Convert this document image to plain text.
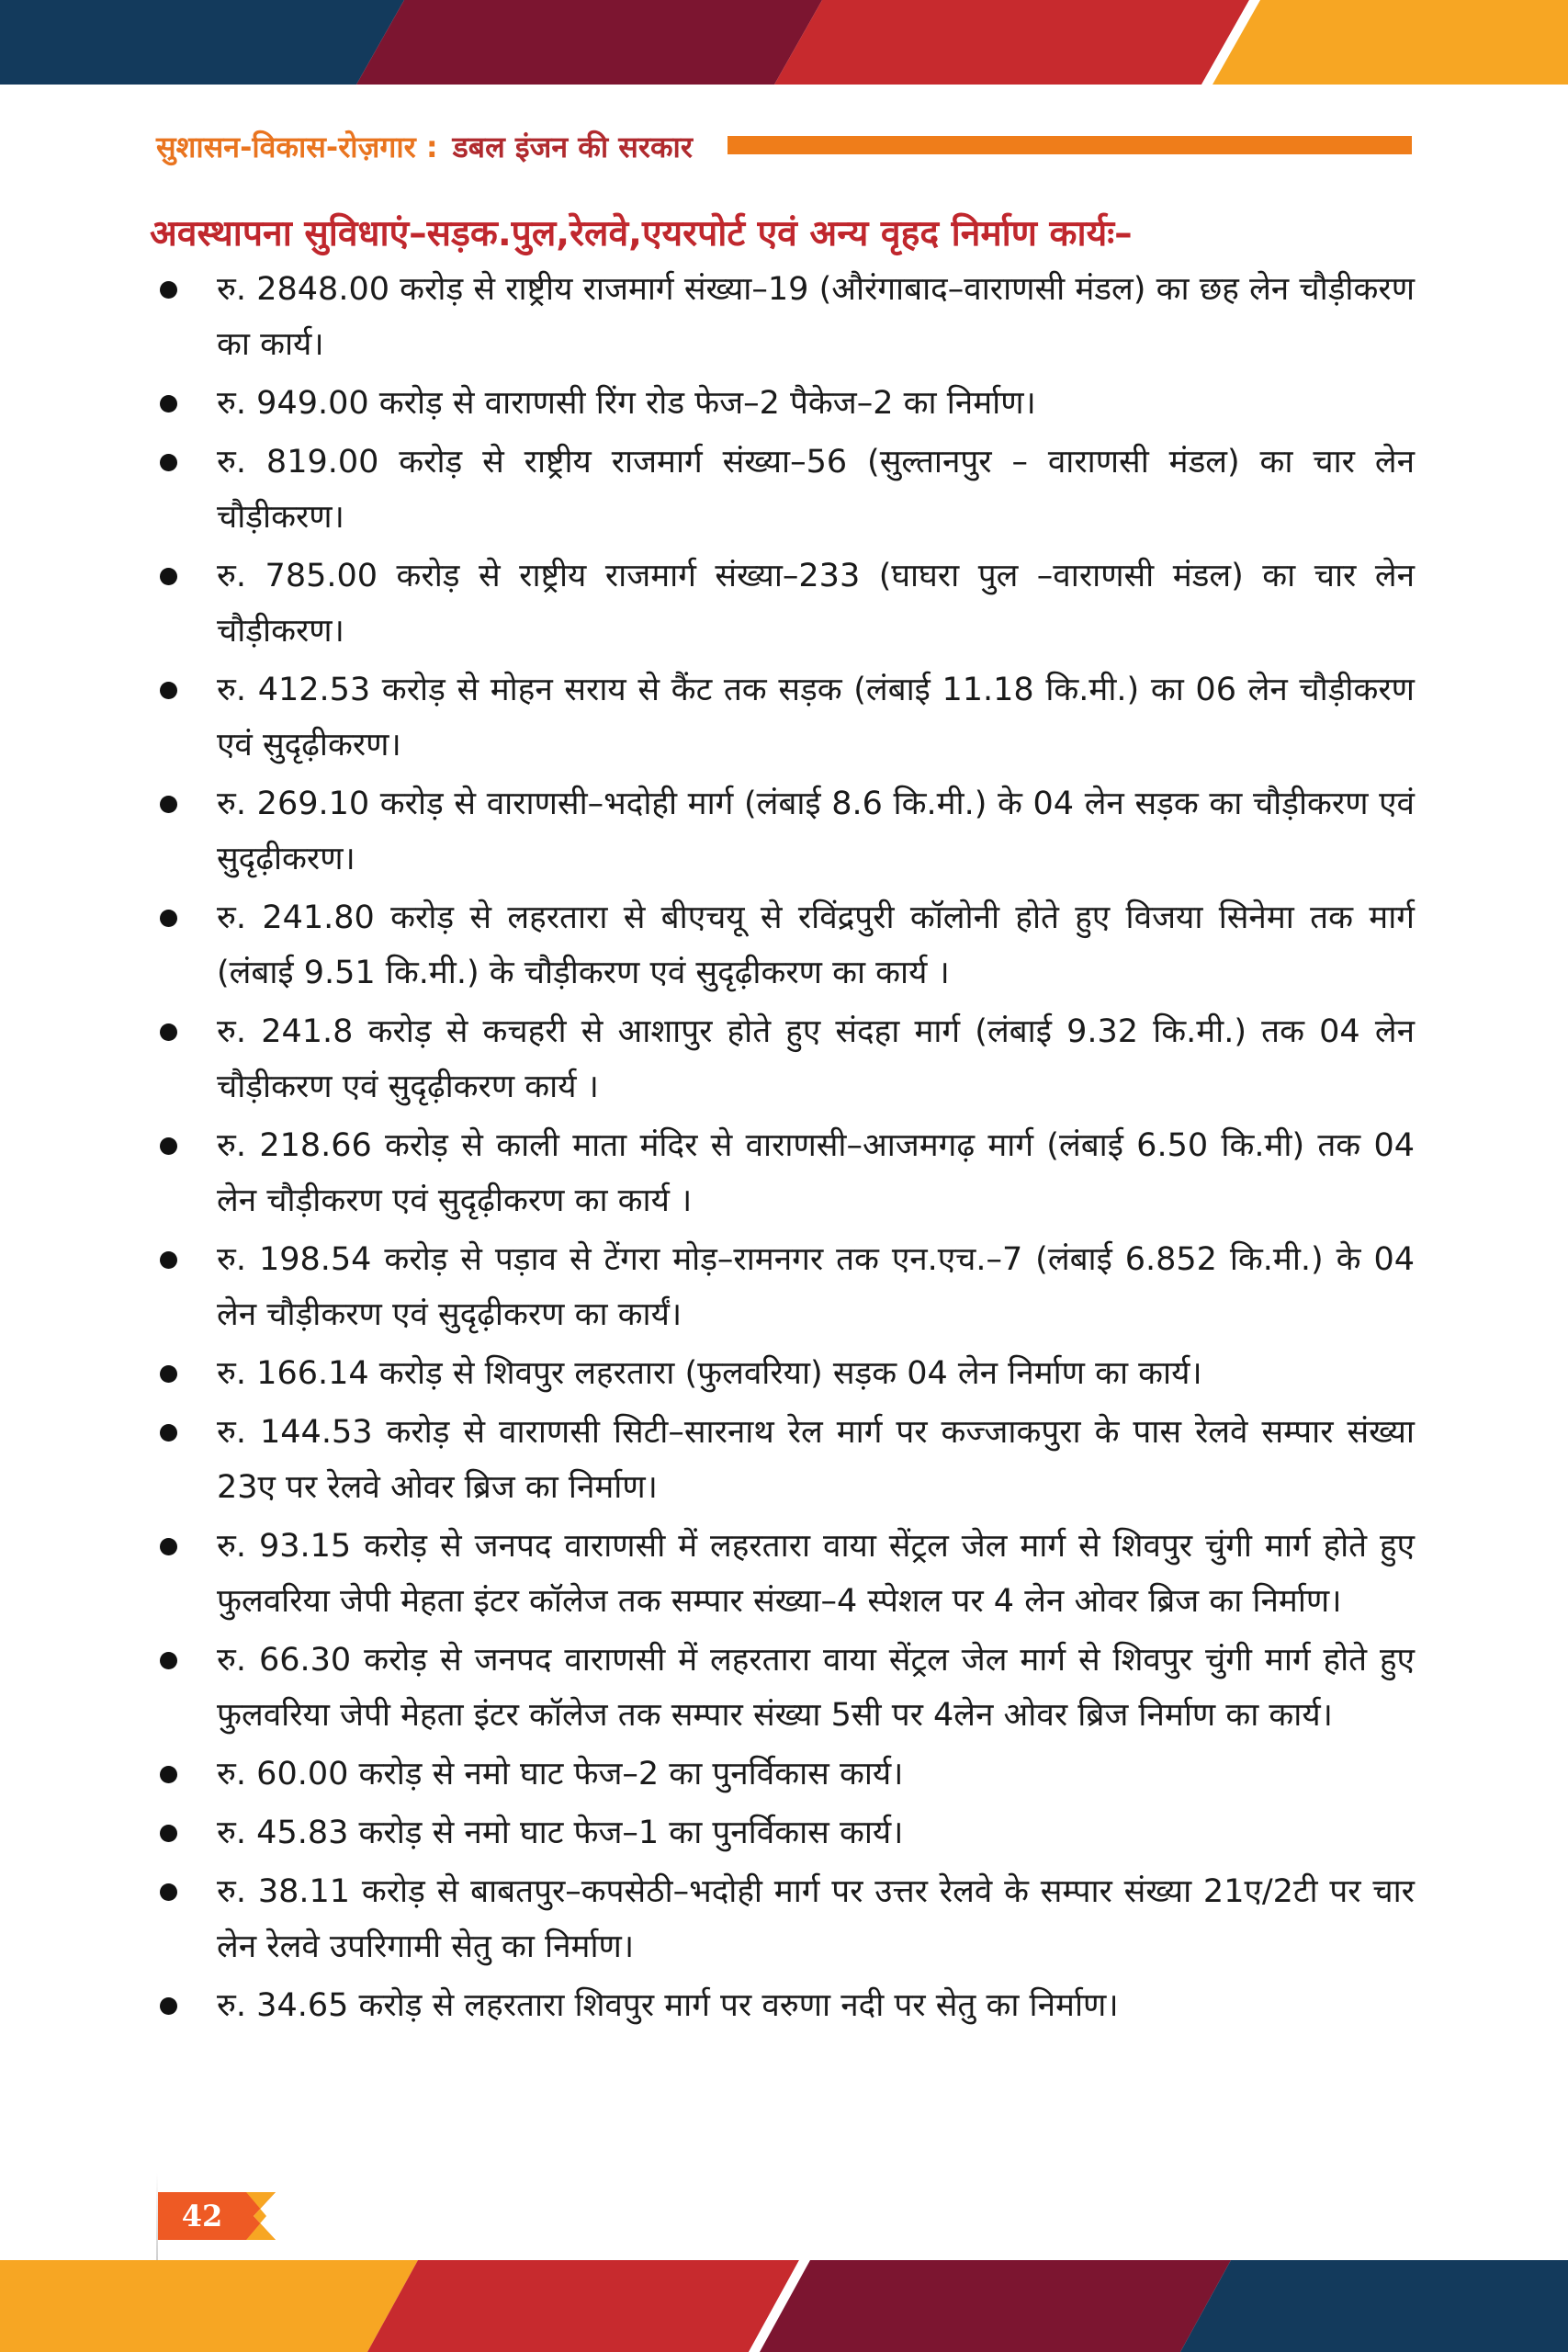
सुशासन-विकास-रोज़गार : डबल इंजन की सरकार
अवस्थापना सुविधाएं–सड़क.पुल,रेलवे,एयरपोर्ट एवं अन्य वृहद निर्माण कार्यः–
रु. 2848.00 करोड़ से राष्ट्रीय राजमार्ग संख्या–19 (औरंगाबाद–वाराणसी मंडल) का छह लेन चौड़ीकरण का कार्य।
रु. 949.00 करोड़ से वाराणसी रिंग रोड फेज–2 पैकेज–2 का निर्माण।
रु. 819.00 करोड़ से राष्ट्रीय राजमार्ग संख्या–56 (सुल्तानपुर – वाराणसी मंडल) का चार लेन चौड़ीकरण।
रु. 785.00 करोड़ से राष्ट्रीय राजमार्ग संख्या–233 (घाघरा पुल –वाराणसी मंडल) का चार लेन चौड़ीकरण।
रु. 412.53 करोड़ से मोहन सराय से कैंट तक सड़क (लंबाई 11.18 कि.मी.) का 06 लेन चौड़ीकरण एवं सुदृढ़ीकरण।
रु. 269.10 करोड़ से वाराणसी–भदोही मार्ग (लंबाई 8.6 कि.मी.) के 04 लेन सड़क का चौड़ीकरण एवं सुदृढ़ीकरण।
रु. 241.80 करोड़ से लहरतारा से बीएचयू से रविंद्रपुरी कॉलोनी होते हुए विजया सिनेमा तक मार्ग (लंबाई 9.51 कि.मी.) के चौड़ीकरण एवं सुदृढ़ीकरण का कार्य ।
रु. 241.8 करोड़ से कचहरी से आशापुर होते हुए संदहा मार्ग (लंबाई 9.32 कि.मी.) तक 04 लेन चौड़ीकरण एवं सुदृढ़ीकरण कार्य ।
रु. 218.66 करोड़ से काली माता मंदिर से वाराणसी–आजमगढ़ मार्ग (लंबाई 6.50 कि.मी) तक 04 लेन चौड़ीकरण एवं सुदृढ़ीकरण का कार्य ।
रु. 198.54 करोड़ से पड़ाव से टेंगरा मोड़–रामनगर तक एन.एच.–7 (लंबाई 6.852 कि.मी.) के 04 लेन चौड़ीकरण एवं सुदृढ़ीकरण का कार्यं।
रु. 166.14 करोड़ से शिवपुर लहरतारा (फुलवरिया) सड़क 04 लेन निर्माण का कार्य।
रु. 144.53 करोड़ से वाराणसी सिटी–सारनाथ रेल मार्ग पर कज्जाकपुरा के पास रेलवे सम्पार संख्या 23ए पर रेलवे ओवर ब्रिज का निर्माण।
रु. 93.15 करोड़ से जनपद वाराणसी में लहरतारा वाया सेंट्रल जेल मार्ग से शिवपुर चुंगी मार्ग होते हुए फुलवरिया जेपी मेहता इंटर कॉलेज तक सम्पार संख्या–4 स्पेशल पर 4 लेन ओवर ब्रिज का निर्माण।
रु. 66.30 करोड़ से जनपद वाराणसी में लहरतारा वाया सेंट्रल जेल मार्ग से शिवपुर चुंगी मार्ग होते हुए फुलवरिया जेपी मेहता इंटर कॉलेज तक सम्पार संख्या 5सी पर 4लेन ओवर ब्रिज निर्माण का कार्य।
रु. 60.00 करोड़ से नमो घाट फेज–2 का पुनर्विकास कार्य।
रु. 45.83 करोड़ से नमो घाट फेज–1 का पुनर्विकास कार्य।
रु. 38.11 करोड़ से बाबतपुर–कपसेठी–भदोही मार्ग पर उत्तर रेलवे के सम्पार संख्या 21ए/2टी पर चार लेन रेलवे उपरिगामी सेतु का निर्माण।
रु. 34.65 करोड़ से लहरतारा शिवपुर मार्ग पर वरुणा नदी पर सेतु का निर्माण।
42
